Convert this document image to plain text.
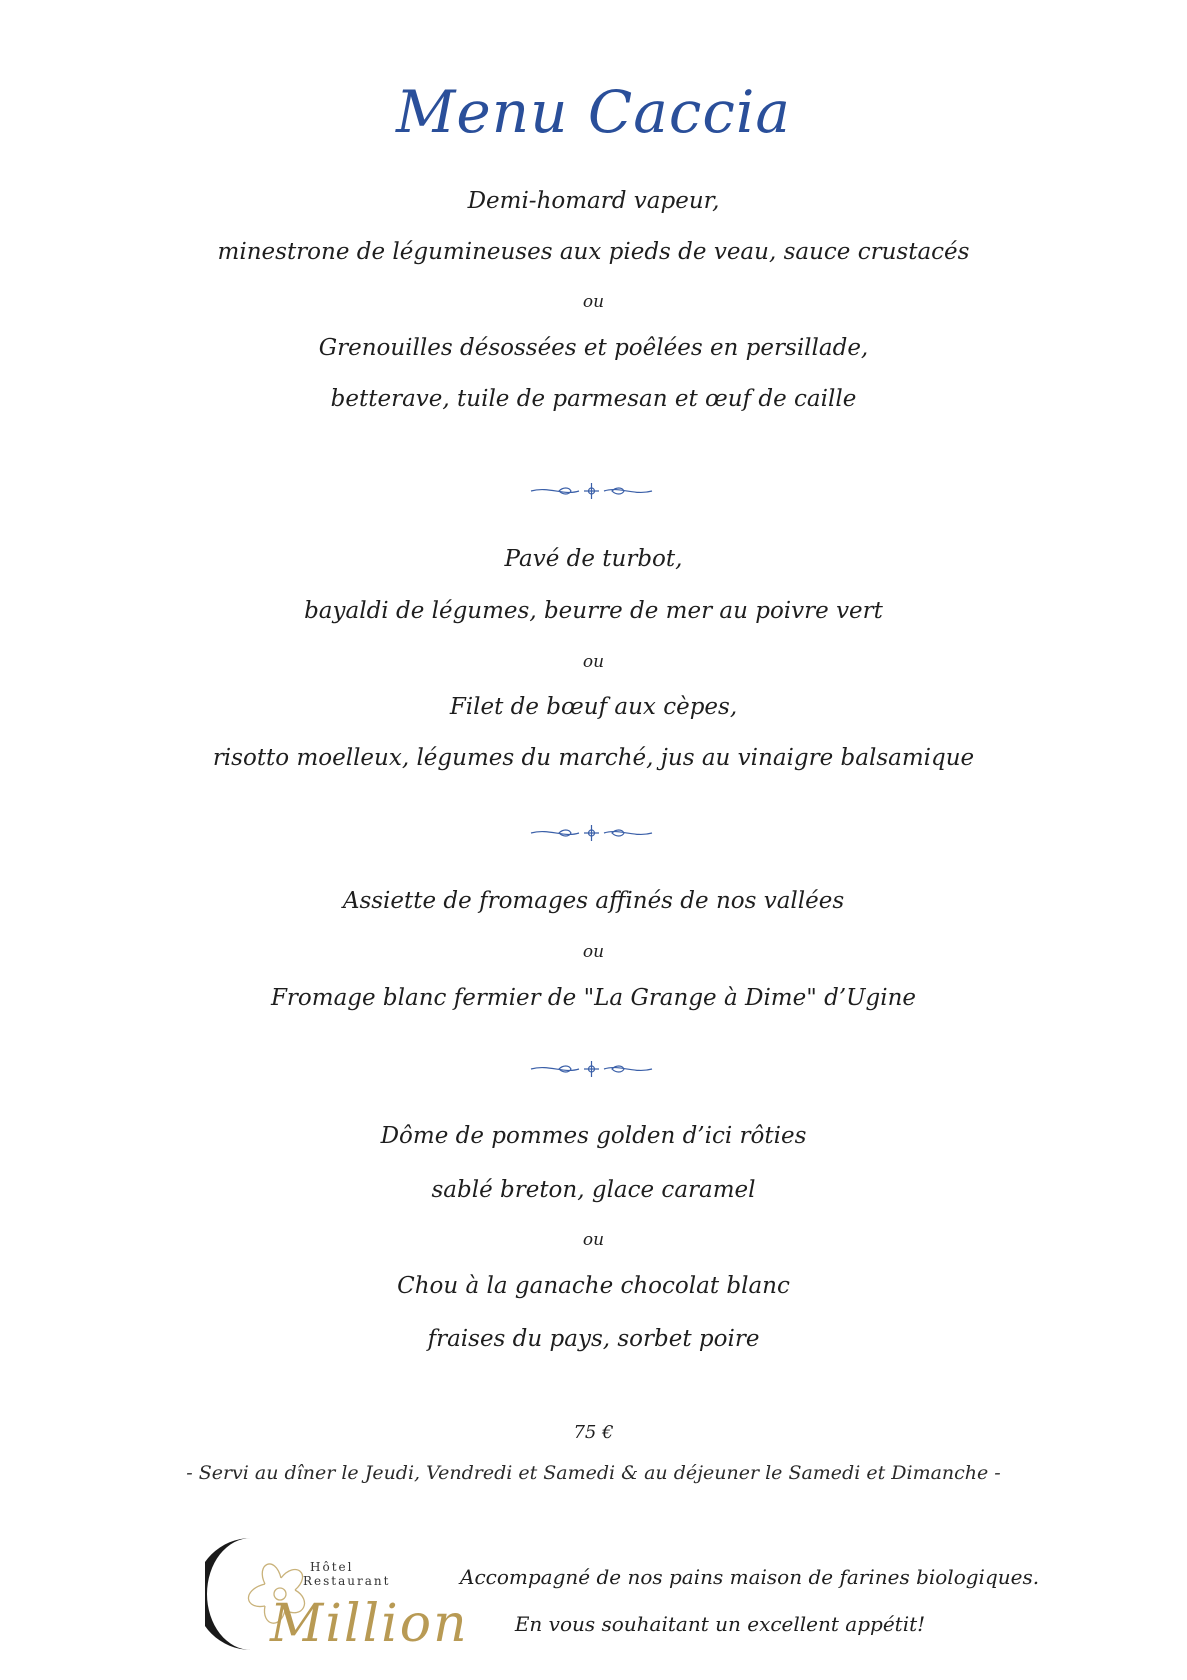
Menu Caccia
Demi-homard vapeur,
minestrone de légumineuses aux pieds de veau, sauce crustacés
ou
Grenouilles désossées et poêlées en persillade,
betterave, tuile de parmesan et œuf de caille
Pavé de turbot,
bayaldi de légumes, beurre de mer au poivre vert
ou
Filet de bœuf aux cèpes,
risotto moelleux, légumes du marché, jus au vinaigre balsamique
Assiette de fromages affinés de nos vallées
ou
Fromage blanc fermier de "La Grange à Dime" d’Ugine
Dôme de pommes golden d’ici rôties
sablé breton, glace caramel
ou
Chou à la ganache chocolat blanc
fraises du pays, sorbet poire
75 €
- Servi au dîner le Jeudi, Vendredi et Samedi & au déjeuner le Samedi et Dimanche -
Hôtel
Restaurant
Million
Accompagné de nos pains maison de farines biologiques.
En vous souhaitant un excellent appétit!
